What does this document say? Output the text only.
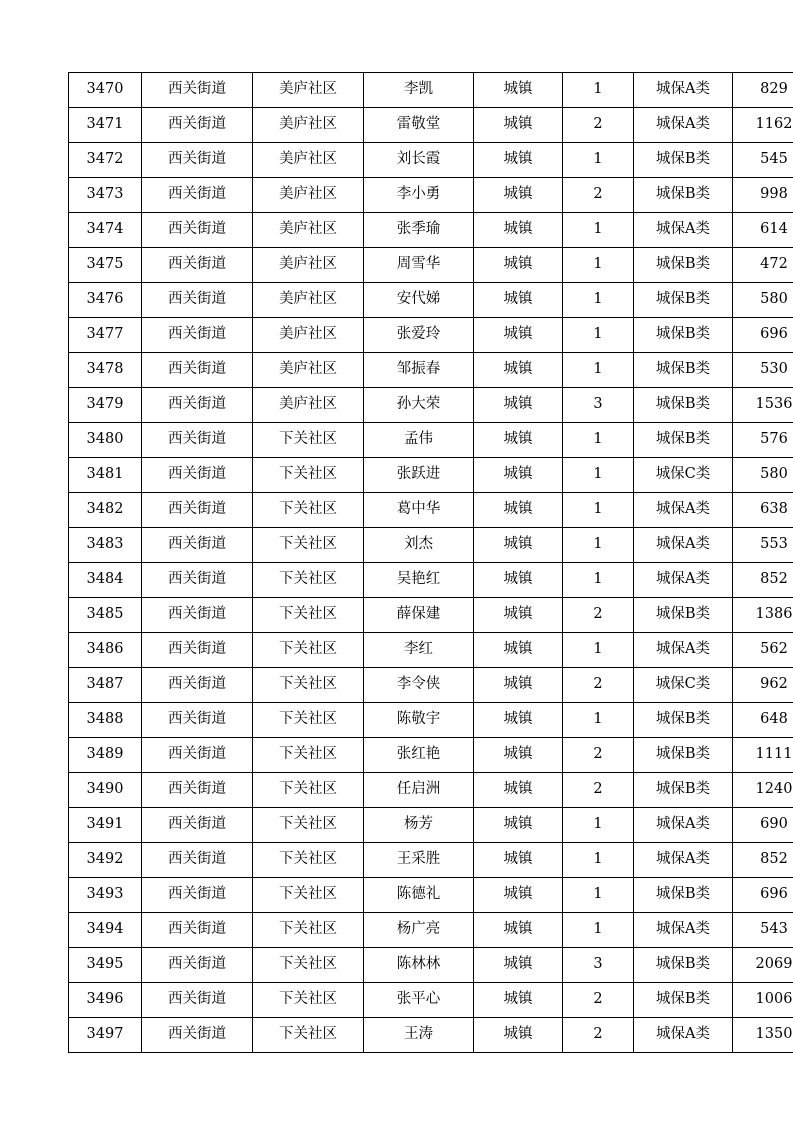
3470	西关街道	美庐社区	李凯	城镇	1	城保A类	829
3471	西关街道	美庐社区	雷敬堂	城镇	2	城保A类	1162
3472	西关街道	美庐社区	刘长霞	城镇	1	城保B类	545
3473	西关街道	美庐社区	李小勇	城镇	2	城保B类	998
3474	西关街道	美庐社区	张季瑜	城镇	1	城保A类	614
3475	西关街道	美庐社区	周雪华	城镇	1	城保B类	472
3476	西关街道	美庐社区	安代娣	城镇	1	城保B类	580
3477	西关街道	美庐社区	张爱玲	城镇	1	城保B类	696
3478	西关街道	美庐社区	邹振春	城镇	1	城保B类	530
3479	西关街道	美庐社区	孙大荣	城镇	3	城保B类	1536
3480	西关街道	下关社区	孟伟	城镇	1	城保B类	576
3481	西关街道	下关社区	张跃进	城镇	1	城保C类	580
3482	西关街道	下关社区	葛中华	城镇	1	城保A类	638
3483	西关街道	下关社区	刘杰	城镇	1	城保A类	553
3484	西关街道	下关社区	吴艳红	城镇	1	城保A类	852
3485	西关街道	下关社区	薛保建	城镇	2	城保B类	1386
3486	西关街道	下关社区	李红	城镇	1	城保A类	562
3487	西关街道	下关社区	李令侠	城镇	2	城保C类	962
3488	西关街道	下关社区	陈敬宇	城镇	1	城保B类	648
3489	西关街道	下关社区	张红艳	城镇	2	城保B类	1111
3490	西关街道	下关社区	任启洲	城镇	2	城保B类	1240
3491	西关街道	下关社区	杨芳	城镇	1	城保A类	690
3492	西关街道	下关社区	王采胜	城镇	1	城保A类	852
3493	西关街道	下关社区	陈德礼	城镇	1	城保B类	696
3494	西关街道	下关社区	杨广亮	城镇	1	城保A类	543
3495	西关街道	下关社区	陈林林	城镇	3	城保B类	2069
3496	西关街道	下关社区	张平心	城镇	2	城保B类	1006
3497	西关街道	下关社区	王涛	城镇	2	城保A类	1350
